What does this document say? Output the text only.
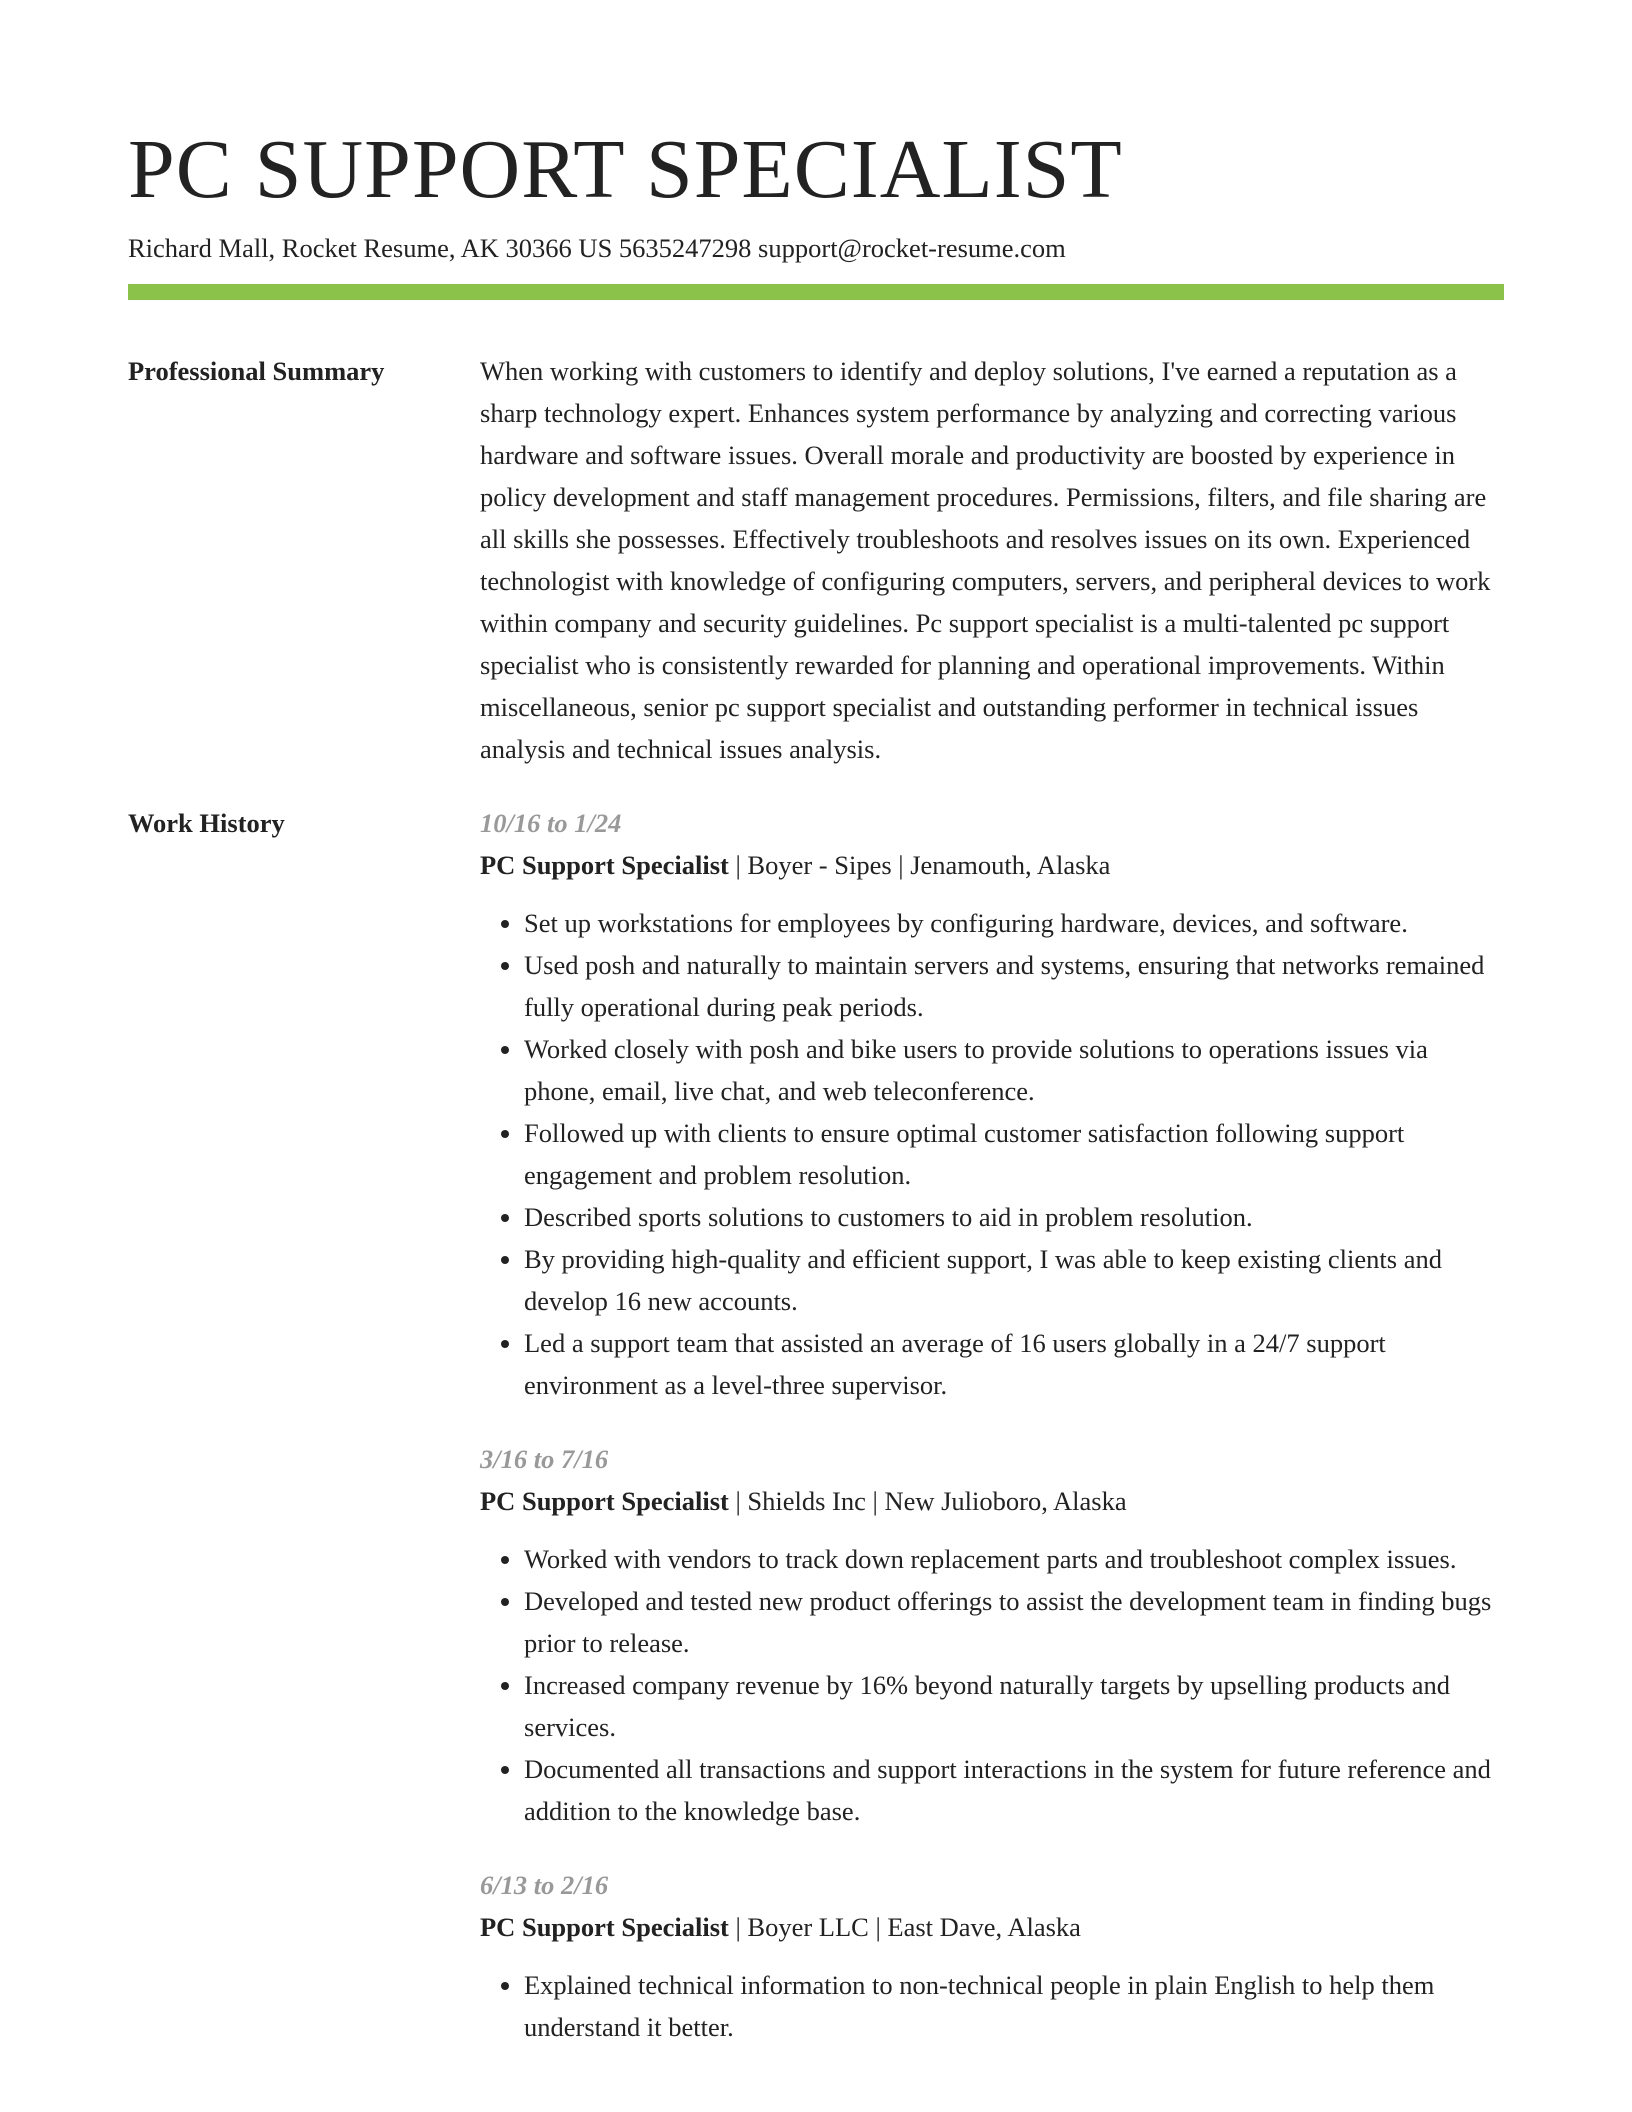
PC SUPPORT SPECIALIST
Richard Mall, Rocket Resume, AK 30366 US 5635247298 support@rocket-resume.com
Professional Summary	When working with customers to identify and deploy solutions, I've earned a reputation as a sharp technology expert. Enhances system performance by analyzing and correcting various hardware and software issues. Overall morale and productivity are boosted by experience in policy development and staff management procedures. Permissions, filters, and file sharing are all skills she possesses. Effectively troubleshoots and resolves issues on its own. Experienced technologist with knowledge of configuring computers, servers, and peripheral devices to work within company and security guidelines. Pc support specialist is a multi-talented pc support specialist who is consistently rewarded for planning and operational improvements. Within miscellaneous, senior pc support specialist and outstanding performer in technical issues analysis and technical issues analysis.
Work History	10/16 to 1/24
PC Support Specialist | Boyer - Sipes | Jenamouth, Alaska
• Set up workstations for employees by configuring hardware, devices, and software.
• Used posh and naturally to maintain servers and systems, ensuring that networks remained fully operational during peak periods.
• Worked closely with posh and bike users to provide solutions to operations issues via phone, email, live chat, and web teleconference.
• Followed up with clients to ensure optimal customer satisfaction following support engagement and problem resolution.
• Described sports solutions to customers to aid in problem resolution.
• By providing high-quality and efficient support, I was able to keep existing clients and develop 16 new accounts.
• Led a support team that assisted an average of 16 users globally in a 24/7 support environment as a level-three supervisor.
3/16 to 7/16
PC Support Specialist | Shields Inc | New Julioboro, Alaska
• Worked with vendors to track down replacement parts and troubleshoot complex issues.
• Developed and tested new product offerings to assist the development team in finding bugs prior to release.
• Increased company revenue by 16% beyond naturally targets by upselling products and services.
• Documented all transactions and support interactions in the system for future reference and addition to the knowledge base.
6/13 to 2/16
PC Support Specialist | Boyer LLC | East Dave, Alaska
• Explained technical information to non-technical people in plain English to help them understand it better.
